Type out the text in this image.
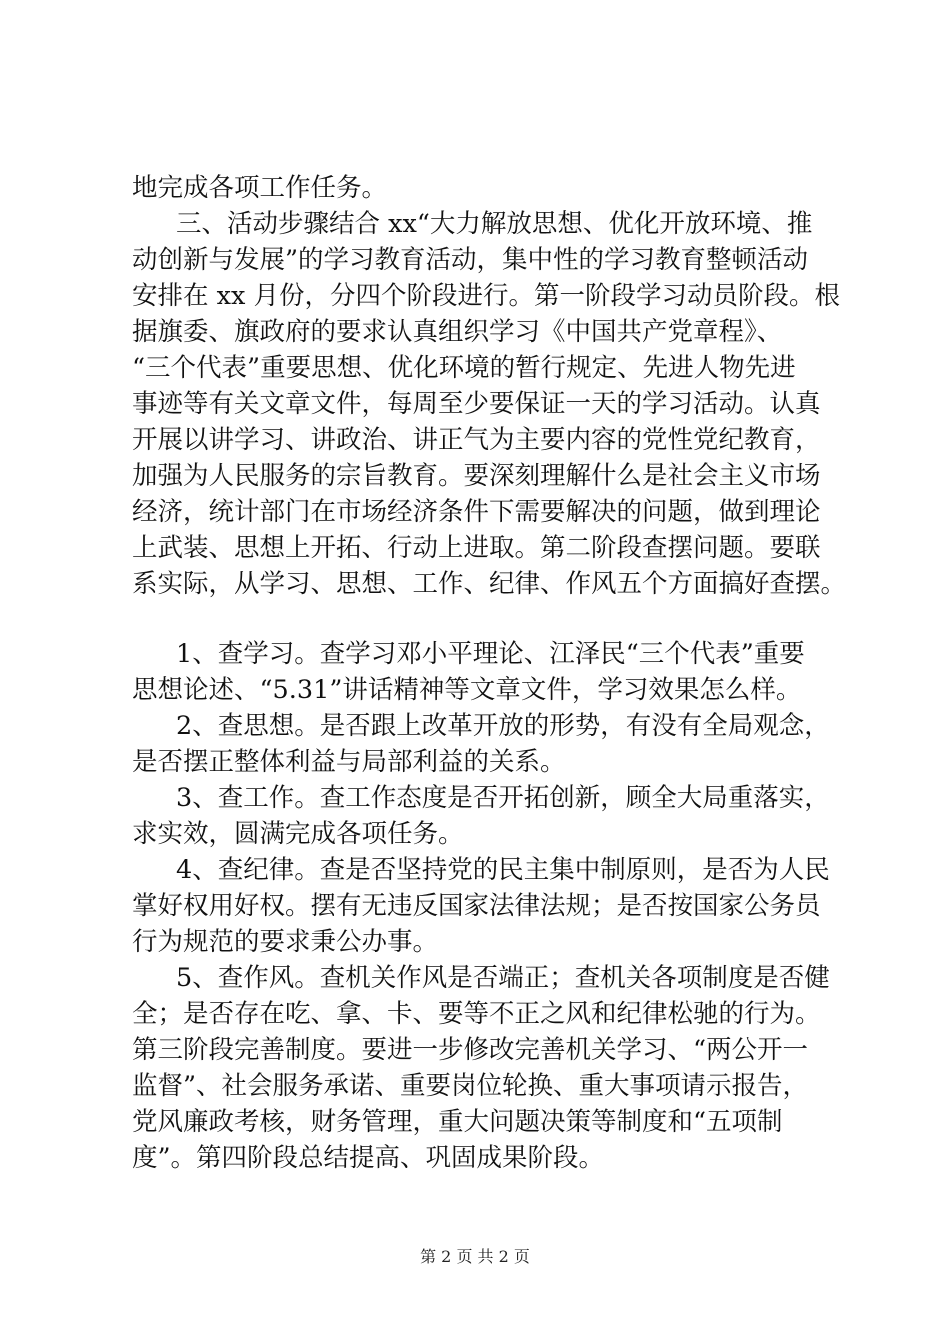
地完成各项工作任务。
三、活动步骤结合 xx“大力解放思想、优化开放环境、推
动创新与发展”的学习教育活动，集中性的学习教育整顿活动
安排在 xx 月份，分四个阶段进行。第一阶段学习动员阶段。根
据旗委、旗政府的要求认真组织学习《中国共产党章程》、
“三个代表”重要思想、优化环境的暂行规定、先进人物先进
事迹等有关文章文件，每周至少要保证一天的学习活动。认真
开展以讲学习、讲政治、讲正气为主要内容的党性党纪教育，
加强为人民服务的宗旨教育。要深刻理解什么是社会主义市场
经济，统计部门在市场经济条件下需要解决的问题，做到理论
上武装、思想上开拓、行动上进取。第二阶段查摆问题。要联
系实际，从学习、思想、工作、纪律、作风五个方面搞好查摆。
1、查学习。查学习邓小平理论、江泽民“三个代表”重要
思想论述、“5.31”讲话精神等文章文件，学习效果怎么样。
2、查思想。是否跟上改革开放的形势，有没有全局观念，
是否摆正整体利益与局部利益的关系。
3、查工作。查工作态度是否开拓创新，顾全大局重落实，
求实效，圆满完成各项任务。
4、查纪律。查是否坚持党的民主集中制原则，是否为人民
掌好权用好权。摆有无违反国家法律法规；是否按国家公务员
行为规范的要求秉公办事。
5、查作风。查机关作风是否端正；查机关各项制度是否健
全；是否存在吃、拿、卡、要等不正之风和纪律松驰的行为。
第三阶段完善制度。要进一步修改完善机关学习、“两公开一
监督”、社会服务承诺、重要岗位轮换、重大事项请示报告，
党风廉政考核，财务管理，重大问题决策等制度和“五项制
度”。第四阶段总结提高、巩固成果阶段。
第 2 页 共 2 页
